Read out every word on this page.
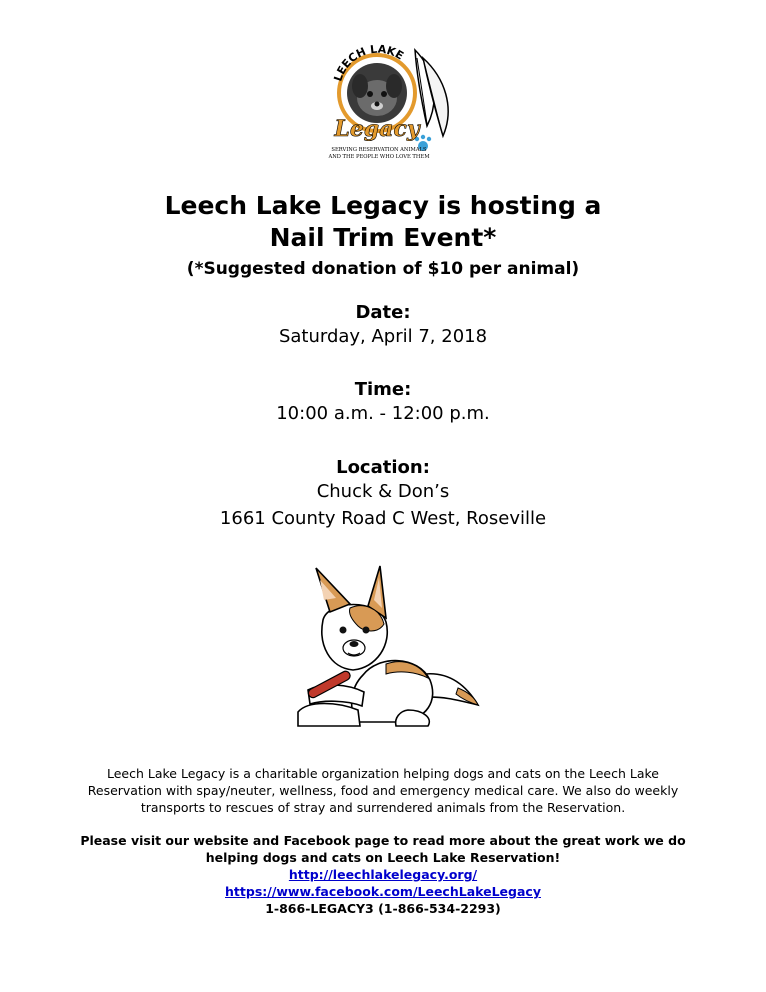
LEECH LAKE
Legacy
SERVING RESERVATION ANIMALS
AND THE PEOPLE WHO LOVE THEM
Leech Lake Legacy is hosting a
Nail Trim Event*
(*Suggested donation of $10 per animal)
Date:
Saturday, April 7, 2018
Time:
10:00 a.m. - 12:00 p.m.
Location:
Chuck & Don’s
1661 County Road C West, Roseville
Leech Lake Legacy is a charitable organization helping dogs and cats on the Leech Lake
Reservation with spay/neuter, wellness, food and emergency medical care. We also do weekly
transports to rescues of stray and surrendered animals from the Reservation.
Please visit our website and Facebook page to read more about the great work we do
helping dogs and cats on Leech Lake Reservation!
http://leechlakelegacy.org/
https://www.facebook.com/LeechLakeLegacy
1-866-LEGACY3 (1-866-534-2293)
